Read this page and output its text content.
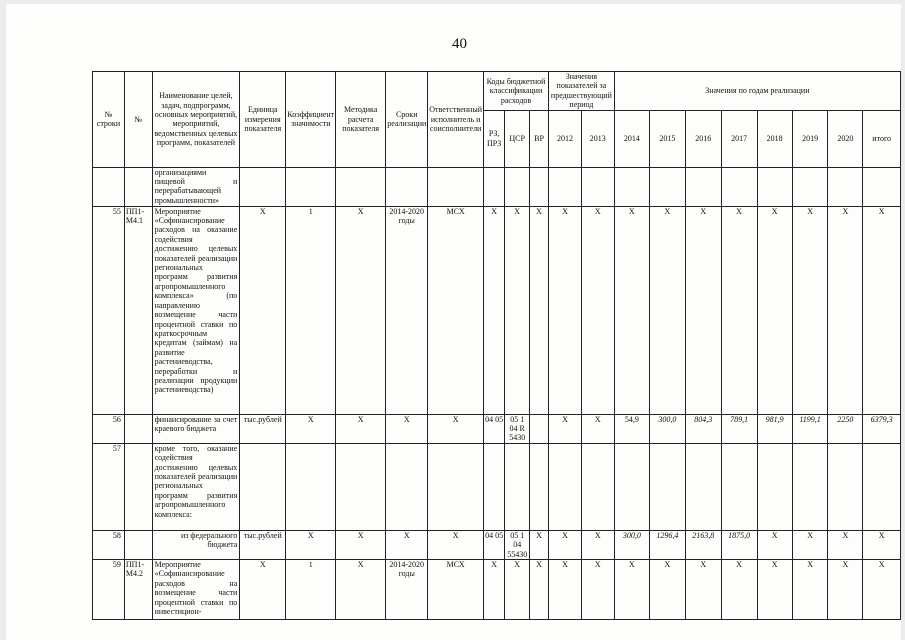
40
№ строки	№	Наименование целей, задач, подпрограмм, основных мероприятий, мероприятий, ведомственных целевых программ, показателей	Единица измерения показателя	Коэффициент значимости	Методика расчета показателя	Сроки реализации	Ответственный исполнитель и соисполнители	Коды бюджетной классификации расходов			Значения показателей за предшествующий период		Значения по годам реализации							
								РЗ, ПРЗ	ЦСР	ВР	2012	2013	2014	2015	2016	2017	2018	2019	2020	итого
		организациями пищевой и перерабатывающей промышленности»																		
55	ПП1-М4.1	Мероприятие «Софинансирование расходов на оказание содействия достижению целевых показателей реализации региональных программ развития агропромышленного комплекса» (по направлению возмещение части процентной ставки по краткосрочным кредитам (займам) на развитие растениеводства, переработки и реализации продукции растениеводства)	X	1	X	2014-2020 годы	МСХ	X	X	X	X	X	X	X	X	X	X	X	X	X
56		финансирование за счет краевого бюджета	тыс.рублей	X	X	X	X	04 05	05 1 04 R 5430		X	X	54,9	300,0	804,3	789,1	981,9	1199,1	2250	6379,3
57		кроме того, оказание содействия достижению целевых показателей реализации региональных программ развития агропромышленного комплекса:																		
58		из федерального бюджета	тыс.рублей	X	X	X	X	04 05	05 1 04 55430	X	X	X	300,0	1296,4	2163,8	1875,0	X	X	X	X
59	ПП1-М4.2	Мероприятие «Софинансирование расходов на возмещение части процентной ставки по инвестицион-	X	1	X	2014-2020 годы	МСХ	X	X	X	X	X	X	X	X	X	X	X	X	X
